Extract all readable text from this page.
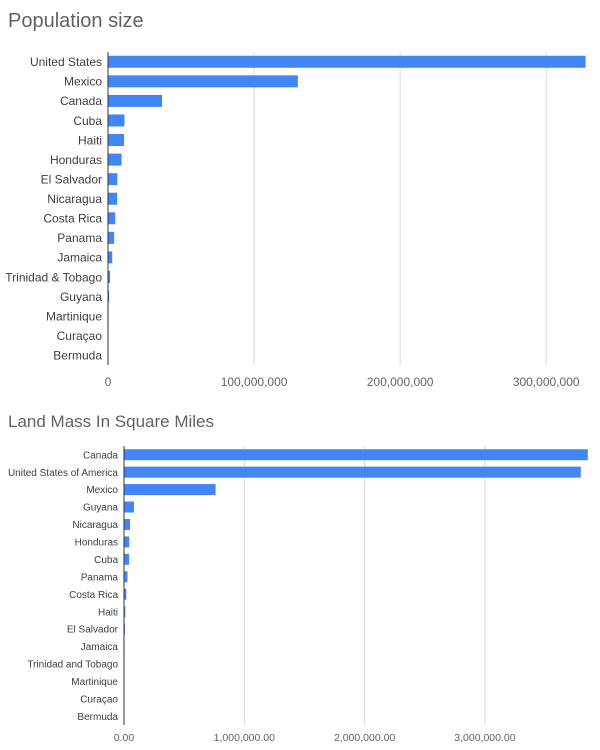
Population size
United States
Mexico
Canada
Cuba
Haiti
Honduras
El Salvador
Nicaragua
Costa Rica
Panama
Jamaica
Trinidad & Tobago
Guyana
Martinique
Curaçao
Bermuda
0	100,000,000	200,000,000	300,000,000
Land Mass In Square Miles
Canada
United States of America
Mexico
Guyana
Nicaragua
Honduras
Cuba
Panama
Costa Rica
Haiti
El Salvador
Jamaica
Trinidad and Tobago
Martinique
Curaçao
Bermuda
0.00	1,000,000.00	2,000,000.00	3,000,000.00
